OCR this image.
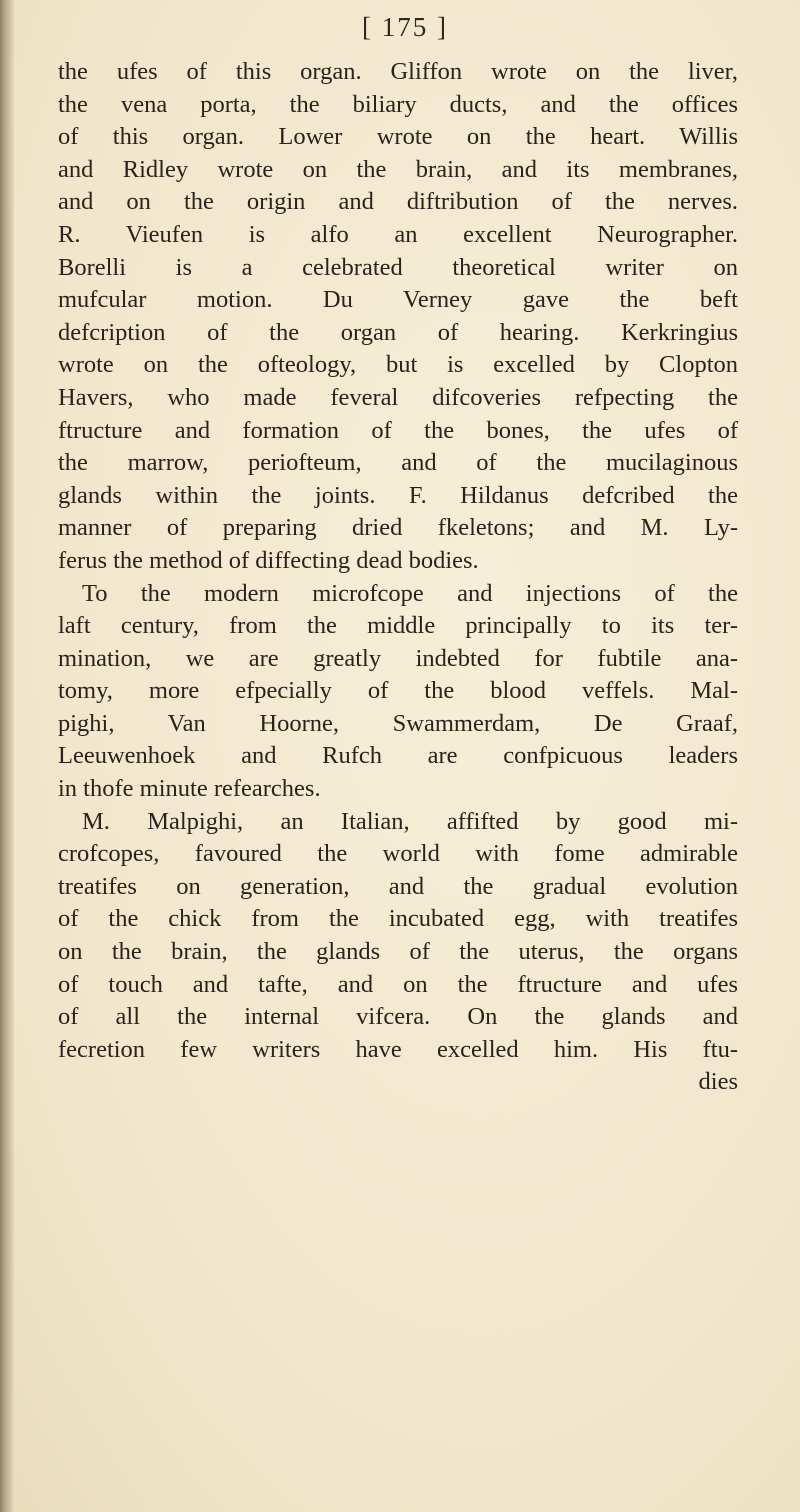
[ 175 ]
the ufes of this organ. Gliffon wrote on the liver,
the vena porta, the biliary ducts, and the offices
of this organ. Lower wrote on the heart. Willis
and Ridley wrote on the brain, and its membranes,
and on the origin and diftribution of the nerves.
R. Vieufen is alfo an excellent Neurographer.
Borelli is a celebrated theoretical writer on
mufcular motion. Du Verney gave the beft
defcription of the organ of hearing. Kerkringius
wrote on the ofteology, but is excelled by Clopton
Havers, who made feveral difcoveries refpecting the
ftructure and formation of the bones, the ufes of
the marrow, periofteum, and of the mucilaginous
glands within the joints. F. Hildanus defcribed the
manner of preparing dried fkeletons; and M. Ly-
ferus the method of diffecting dead bodies.
To the modern microfcope and injections of the
laft century, from the middle principally to its ter-
mination, we are greatly indebted for fubtile ana-
tomy, more efpecially of the blood veffels. Mal-
pighi, Van Hoorne, Swammerdam, De Graaf,
Leeuwenhoek and Rufch are confpicuous leaders
in thofe minute refearches.
M. Malpighi, an Italian, affifted by good mi-
crofcopes, favoured the world with fome admirable
treatifes on generation, and the gradual evolution
of the chick from the incubated egg, with treatifes
on the brain, the glands of the uterus, the organs
of touch and tafte, and on the ftructure and ufes
of all the internal vifcera. On the glands and
fecretion few writers have excelled him. His ftu-
dies
